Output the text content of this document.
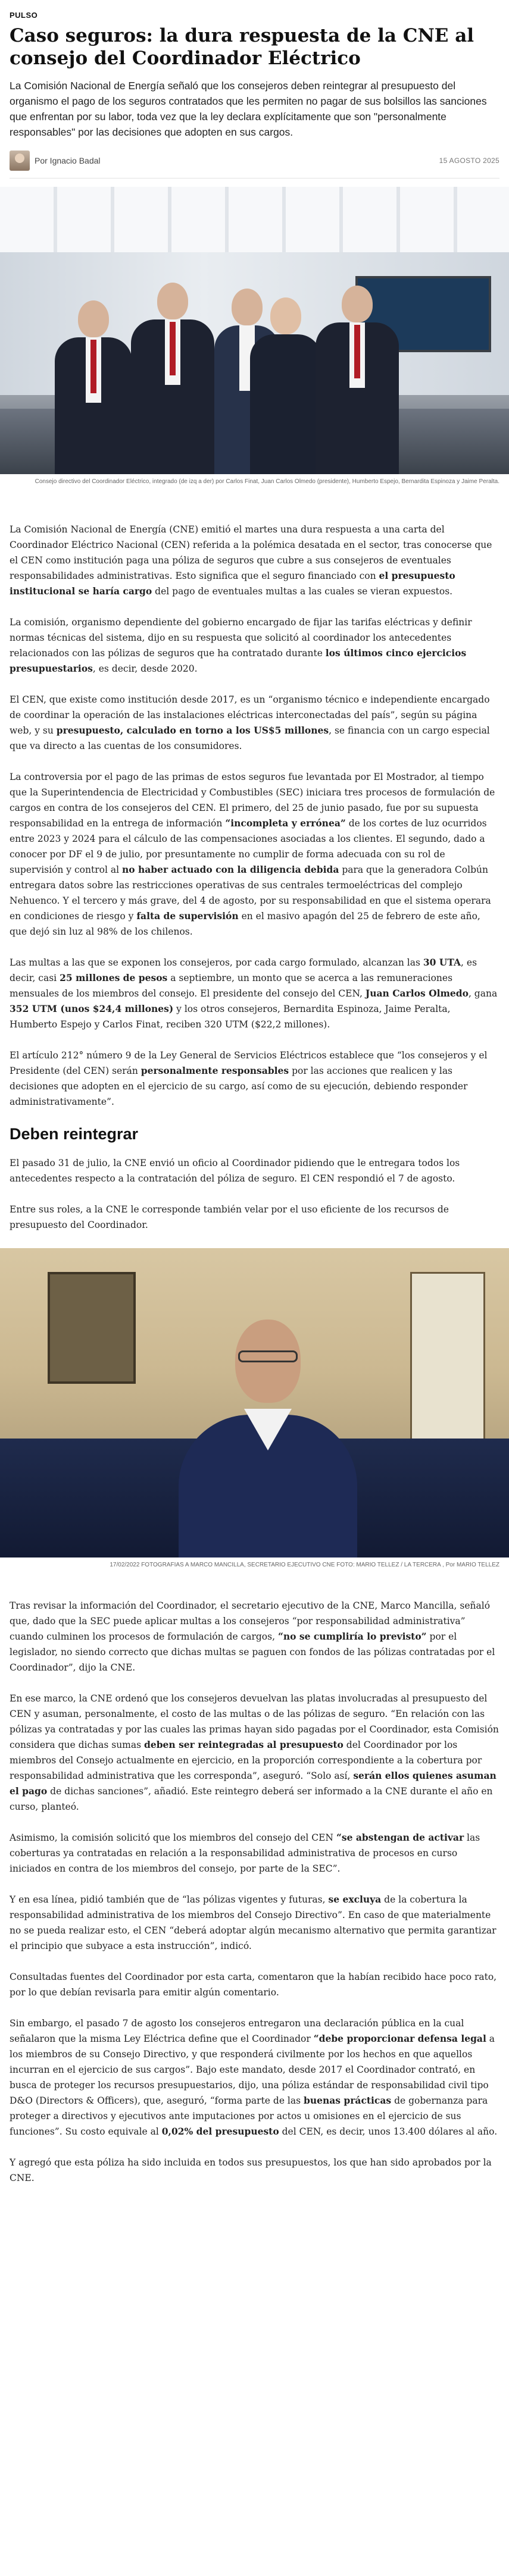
PULSO
Caso seguros: la dura respuesta de la CNE al consejo del Coordinador Eléctrico

La Comisión Nacional de Energía señaló que los consejeros deben reintegrar al presupuesto del organismo el pago de los seguros contratados que les permiten no pagar de sus bolsillos las sanciones que enfrentan por su labor, toda vez que la ley declara explícitamente que son "personalmente responsables" por las decisiones que adopten en sus cargos.

Por Ignacio Badal	15 AGOSTO 2025
Consejo directivo del Coordinador Eléctrico, integrado (de izq a der) por Carlos Finat, Juan Carlos Olmedo (presidente), Humberto Espejo, Bernardita Espinoza y Jaime Peralta.

La Comisión Nacional de Energía (CNE) emitió el martes una dura respuesta a una carta del Coordinador Eléctrico Nacional (CEN) referida a la polémica desatada en el sector, tras conocerse que el CEN como institución paga una póliza de seguros que cubre a sus consejeros de eventuales responsabilidades administrativas. Esto significa que el seguro financiado con el presupuesto institucional se haría cargo del pago de eventuales multas a las cuales se vieran expuestos.

La comisión, organismo dependiente del gobierno encargado de fijar las tarifas eléctricas y definir normas técnicas del sistema, dijo en su respuesta que solicitó al coordinador los antecedentes relacionados con las pólizas de seguros que ha contratado durante los últimos cinco ejercicios presupuestarios, es decir, desde 2020.

El CEN, que existe como institución desde 2017, es un “organismo técnico e independiente encargado de coordinar la operación de las instalaciones eléctricas interconectadas del país”, según su página web, y su presupuesto, calculado en torno a los US$5 millones, se financia con un cargo especial que va directo a las cuentas de los consumidores.

La controversia por el pago de las primas de estos seguros fue levantada por El Mostrador, al tiempo que la Superintendencia de Electricidad y Combustibles (SEC) iniciara tres procesos de formulación de cargos en contra de los consejeros del CEN. El primero, del 25 de junio pasado, fue por su supuesta responsabilidad en la entrega de información “incompleta y errónea” de los cortes de luz ocurridos entre 2023 y 2024 para el cálculo de las compensaciones asociadas a los clientes. El segundo, dado a conocer por DF el 9 de julio, por presuntamente no cumplir de forma adecuada con su rol de supervisión y control al no haber actuado con la diligencia debida para que la generadora Colbún entregara datos sobre las restricciones operativas de sus centrales termoeléctricas del complejo Nehuenco. Y el tercero y más grave, del 4 de agosto, por su responsabilidad en que el sistema operara en condiciones de riesgo y falta de supervisión en el masivo apagón del 25 de febrero de este año, que dejó sin luz al 98% de los chilenos.

Las multas a las que se exponen los consejeros, por cada cargo formulado, alcanzan las 30 UTA, es decir, casi 25 millones de pesos a septiembre, un monto que se acerca a las remuneraciones mensuales de los miembros del consejo. El presidente del consejo del CEN, Juan Carlos Olmedo, gana 352 UTM (unos $24,4 millones) y los otros consejeros, Bernardita Espinoza, Jaime Peralta, Humberto Espejo y Carlos Finat, reciben 320 UTM ($22,2 millones).

El artículo 212° número 9 de la Ley General de Servicios Eléctricos establece que “los consejeros y el Presidente (del CEN) serán personalmente responsables por las acciones que realicen y las decisiones que adopten en el ejercicio de su cargo, así como de su ejecución, debiendo responder administrativamente”.

Deben reintegrar

El pasado 31 de julio, la CNE envió un oficio al Coordinador pidiendo que le entregara todos los antecedentes respecto a la contratación del póliza de seguro. El CEN respondió el 7 de agosto.

Entre sus roles, a la CNE le corresponde también velar por el uso eficiente de los recursos de presupuesto del Coordinador.

17/02/2022 FOTOGRAFIAS A MARCO MANCILLA, SECRETARIO EJECUTIVO CNE FOTO: MARIO TELLEZ / LA TERCERA , Por MARIO TELLEZ

Tras revisar la información del Coordinador, el secretario ejecutivo de la CNE, Marco Mancilla, señaló que, dado que la SEC puede aplicar multas a los consejeros “por responsabilidad administrativa” cuando culminen los procesos de formulación de cargos, “no se cumpliría lo previsto” por el legislador, no siendo correcto que dichas multas se paguen con fondos de las pólizas contratadas por el Coordinador”, dijo la CNE.

En ese marco, la CNE ordenó que los consejeros devuelvan las platas involucradas al presupuesto del CEN y asuman, personalmente, el costo de las multas o de las pólizas de seguro. “En relación con las pólizas ya contratadas y por las cuales las primas hayan sido pagadas por el Coordinador, esta Comisión considera que dichas sumas deben ser reintegradas al presupuesto del Coordinador por los miembros del Consejo actualmente en ejercicio, en la proporción correspondiente a la cobertura por responsabilidad administrativa que les corresponda”, aseguró. “Solo así, serán ellos quienes asuman el pago de dichas sanciones”, añadió. Este reintegro deberá ser informado a la CNE durante el año en curso, planteó.

Asimismo, la comisión solicitó que los miembros del consejo del CEN “se abstengan de activar las coberturas ya contratadas en relación a la responsabilidad administrativa de procesos en curso iniciados en contra de los miembros del consejo, por parte de la SEC”.

Y en esa línea, pidió también que de “las pólizas vigentes y futuras, se excluya de la cobertura la responsabilidad administrativa de los miembros del Consejo Directivo”. En caso de que materialmente no se pueda realizar esto, el CEN “deberá adoptar algún mecanismo alternativo que permita garantizar el principio que subyace a esta instrucción”, indicó.

Consultadas fuentes del Coordinador por esta carta, comentaron que la habían recibido hace poco rato, por lo que debían revisarla para emitir algún comentario.

Sin embargo, el pasado 7 de agosto los consejeros entregaron una declaración pública en la cual señalaron que la misma Ley Eléctrica define que el Coordinador “debe proporcionar defensa legal a los miembros de su Consejo Directivo, y que responderá civilmente por los hechos en que aquellos incurran en el ejercicio de sus cargos”. Bajo este mandato, desde 2017 el Coordinador contrató, en busca de proteger los recursos presupuestarios, dijo, una póliza estándar de responsabilidad civil tipo D&O (Directors & Officers), que, aseguró, “forma parte de las buenas prácticas de gobernanza para proteger a directivos y ejecutivos ante imputaciones por actos u omisiones en el ejercicio de sus funciones”. Su costo equivale al 0,02% del presupuesto del CEN, es decir, unos 13.400 dólares al año.

Y agregó que esta póliza ha sido incluida en todos sus presupuestos, los que han sido aprobados por la CNE.
